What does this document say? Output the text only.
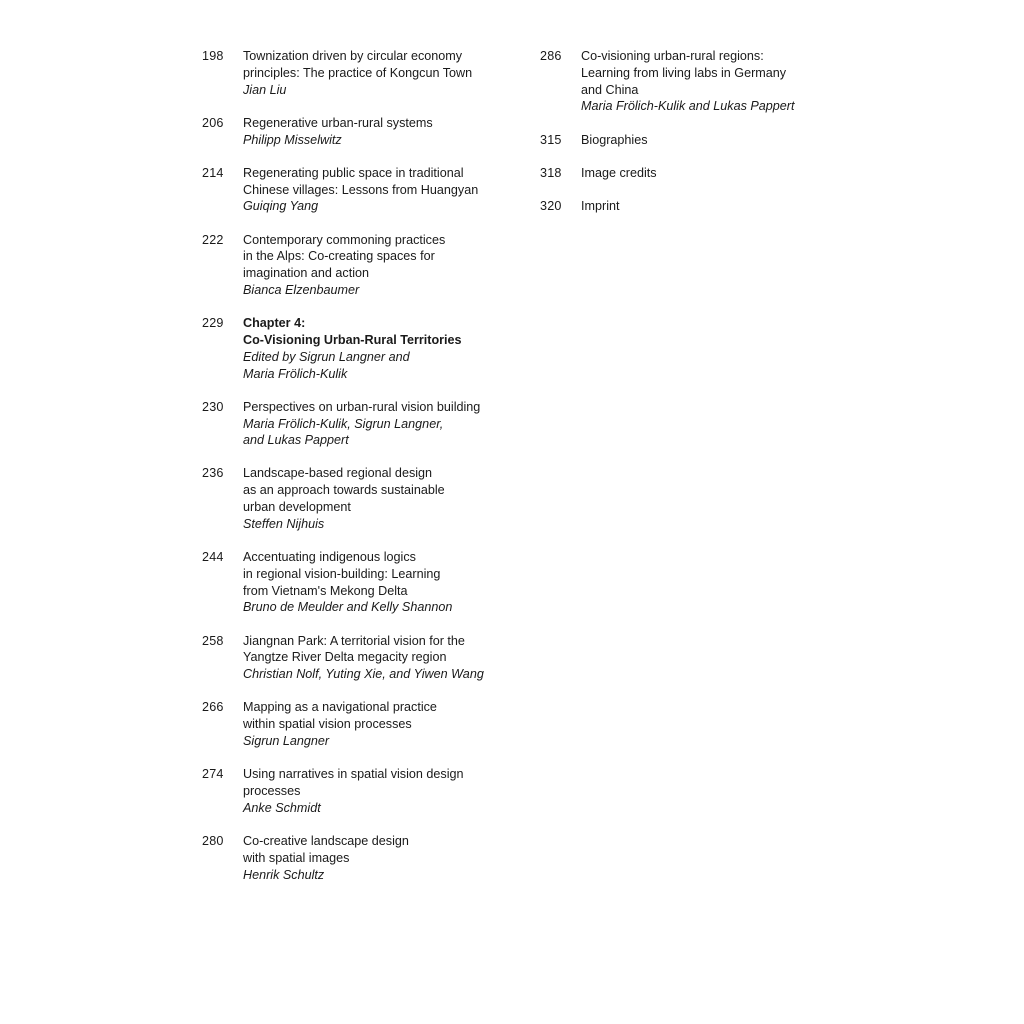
198	Townization driven by circular economy
principles: The practice of Kongcun Town
Jian Liu
206	Regenerative urban-rural systems
Philipp Misselwitz
214	Regenerating public space in traditional
Chinese villages: Lessons from Huangyan
Guiqing Yang
222	Contemporary commoning practices
in the Alps: Co-creating spaces for
imagination and action
Bianca Elzenbaumer
229	Chapter 4:
Co-Visioning Urban-Rural Territories
Edited by Sigrun Langner and
Maria Frölich-Kulik
230	Perspectives on urban-rural vision building
Maria Frölich-Kulik, Sigrun Langner,
and Lukas Pappert
236	Landscape-based regional design
as an approach towards sustainable
urban development
Steffen Nijhuis
244	Accentuating indigenous logics
in regional vision-building: Learning
from Vietnam's Mekong Delta
Bruno de Meulder and Kelly Shannon
258	Jiangnan Park: A territorial vision for the
Yangtze River Delta megacity region
Christian Nolf, Yuting Xie, and Yiwen Wang
266	Mapping as a navigational practice
within spatial vision processes
Sigrun Langner
274	Using narratives in spatial vision design
processes
Anke Schmidt
280	Co-creative landscape design
with spatial images
Henrik Schultz
286	Co-visioning urban-rural regions:
Learning from living labs in Germany
and China
Maria Frölich-Kulik and Lukas Pappert
315	Biographies
318	Image credits
320	Imprint
